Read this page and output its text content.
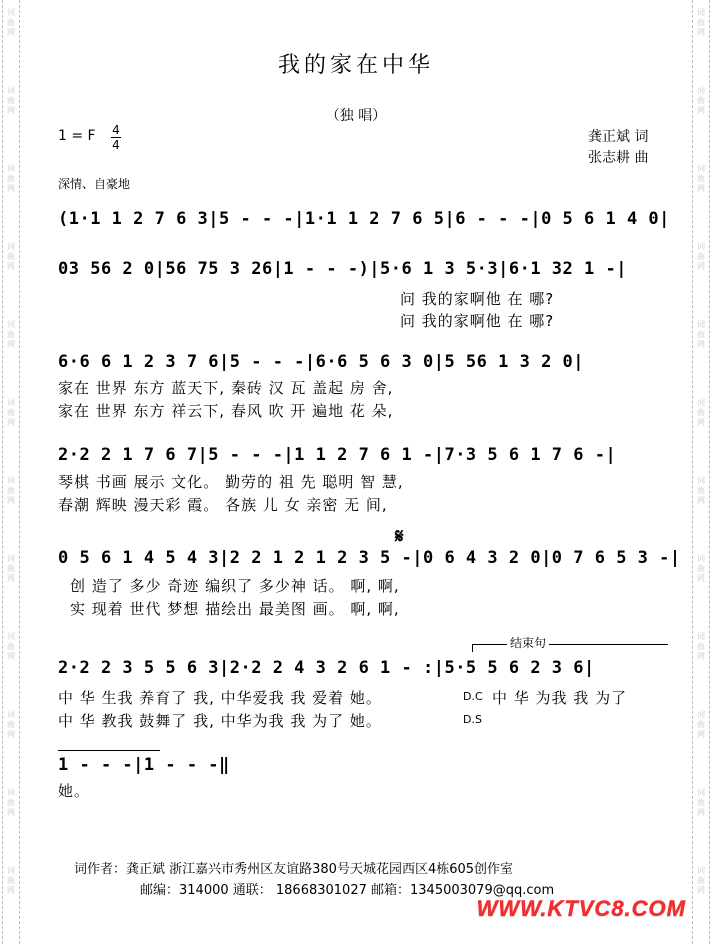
词
曲
网
词
曲
网
词
曲
网
词
曲
网
词
曲
网
词
曲
网
词
曲
网
词
曲
网
词
曲
网
词
曲
网
词
曲
网
词
曲
网
词
曲
网
词
曲
网
词
曲
网
词
曲
网
词
曲
网
词
曲
网
词
曲
网
词
曲
网
词
曲
网
词
曲
网
词
曲
网
词
曲
网
我的家在中华
（独 唱）
1 = F 4
4	龚正斌 词
张志耕 曲
深情、自豪地
(1·1 1 2 7 6 3|5 - - -|1·1 1 2 7 6 5|6 - - -|0 5 6 1 4 0|
03 56 2 0|56 75 3 26|1 - - -)|5·6 1 3 5·3|6·1 32 1 -|
问 我的家啊他 在 哪?
问 我的家啊他 在 哪?
6·6 6 1 2 3 7 6|5 - - -|6·6 5 6 3 0|5 56 1 3 2 0|
家在 世界 东方 蓝天下, 秦砖 汉 瓦 盖起 房 舍,
家在 世界 东方 祥云下, 春风 吹 开 遍地 花 朵,
2·2 2 1 7 6 7|5 - - -|1 1 2 7 6 1 -|7·3 5 6 1 7 6 -|
琴棋 书画 展示 文化。 勤劳的 祖 先 聪明 智 慧,
春潮 辉映 漫天彩 霞。 各族 儿 女 亲密 无 间,
𝄋
0 5 6 1 4 5 4 3|2 2 1 2 1 2 3 5 -|0 6 4 3 2 0|0 7 6 5 3 -|
创 造了 多少 奇迹 编织了 多少神 话。 啊, 啊,
实 现着 世代 梦想 描绘出 最美图 画。 啊, 啊,
结束句
2·2 2 3 5 5 6 3|2·2 2 4 3 2 6 1 - :|5·5 5 6 2 3 6|
中 华 生我 养育了 我, 中华爱我 我 爱着 她。
中 华 教我 鼓舞了 我, 中华为我 我 为了 她。
D.C
D.S
中 华 为我 我 为了
1 - - -|1 - - -‖
她。
词作者：龚正斌 浙江嘉兴市秀州区友谊路380号天城花园西区4栋605创作室
邮编：314000 通联： 18668301027 邮箱：1345003079@qq.com
WWW.KTVC8.COM
